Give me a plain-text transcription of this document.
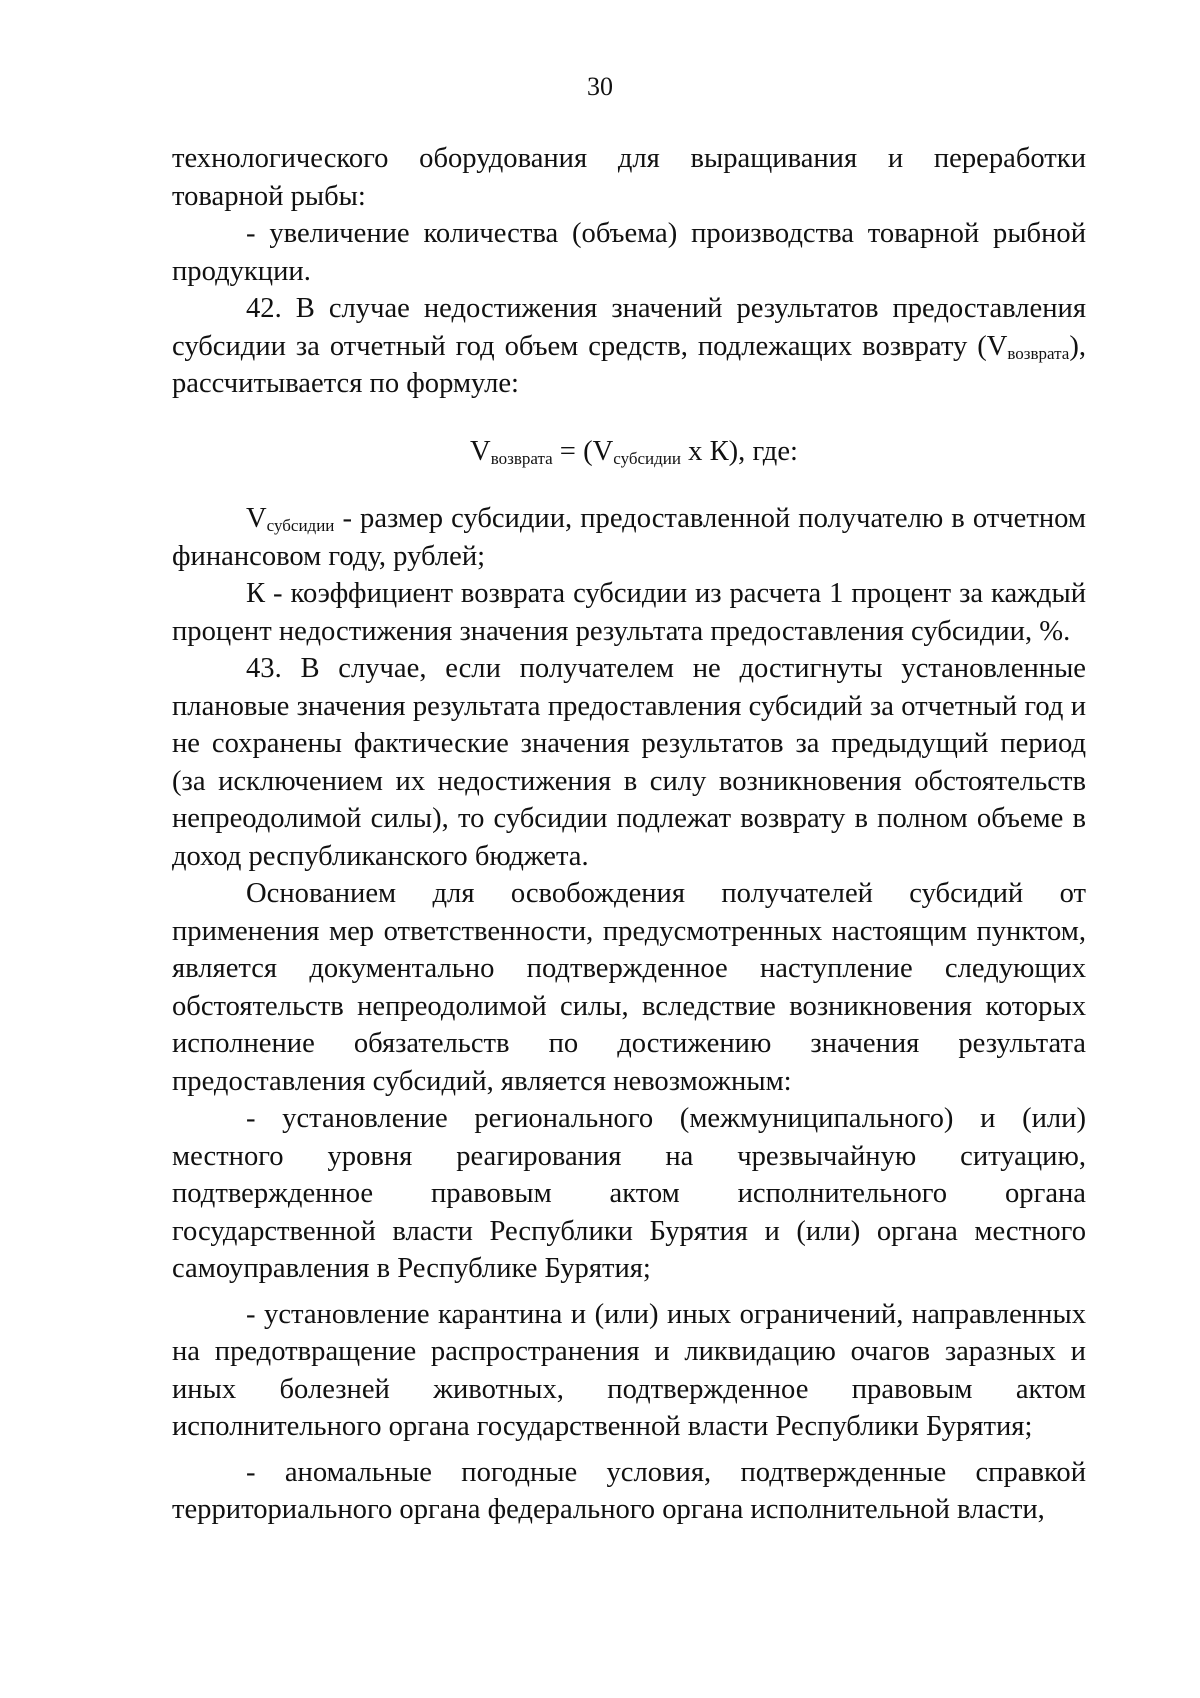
30

технологического оборудования для выращивания и переработки товарной рыбы:

- увеличение количества (объема) производства товарной рыбной продукции.

42. В случае недостижения значений результатов предоставления субсидии за отчетный год объем средств, подлежащих возврату $(V_{возврата})$, рассчитывается по формуле:

$V_{возврата} = (V_{субсидии}$ х К), где:

$V_{субсидии}$ - размер субсидии, предоставленной получателю в отчетном финансовом году, рублей;

К - коэффициент возврата субсидии из расчета 1 процент за каждый процент недостижения значения результата предоставления субсидии, %.

43. В случае, если получателем не достигнуты установленные плановые значения результата предоставления субсидий за отчетный год и не сохранены фактические значения результатов за предыдущий период (за исключением их недостижения в силу возникновения обстоятельств непреодолимой силы), то субсидии подлежат возврату в полном объеме в доход республиканского бюджета.

Основанием для освобождения получателей субсидий от применения мер ответственности, предусмотренных настоящим пунктом, является документально подтвержденное наступление следующих обстоятельств непреодолимой силы, вследствие возникновения которых исполнение обязательств по достижению значения результата предоставления субсидий, является невозможным:

- установление регионального (межмуниципального) и (или) местного уровня реагирования на чрезвычайную ситуацию, подтвержденное правовым актом исполнительного органа государственной власти Республики Бурятия и (или) органа местного самоуправления в Республике Бурятия;

- установление карантина и (или) иных ограничений, направленных на предотвращение распространения и ликвидацию очагов заразных и иных болезней животных, подтвержденное правовым актом исполнительного органа государственной власти Республики Бурятия;

- аномальные погодные условия, подтвержденные справкой территориального органа федерального органа исполнительной власти,
